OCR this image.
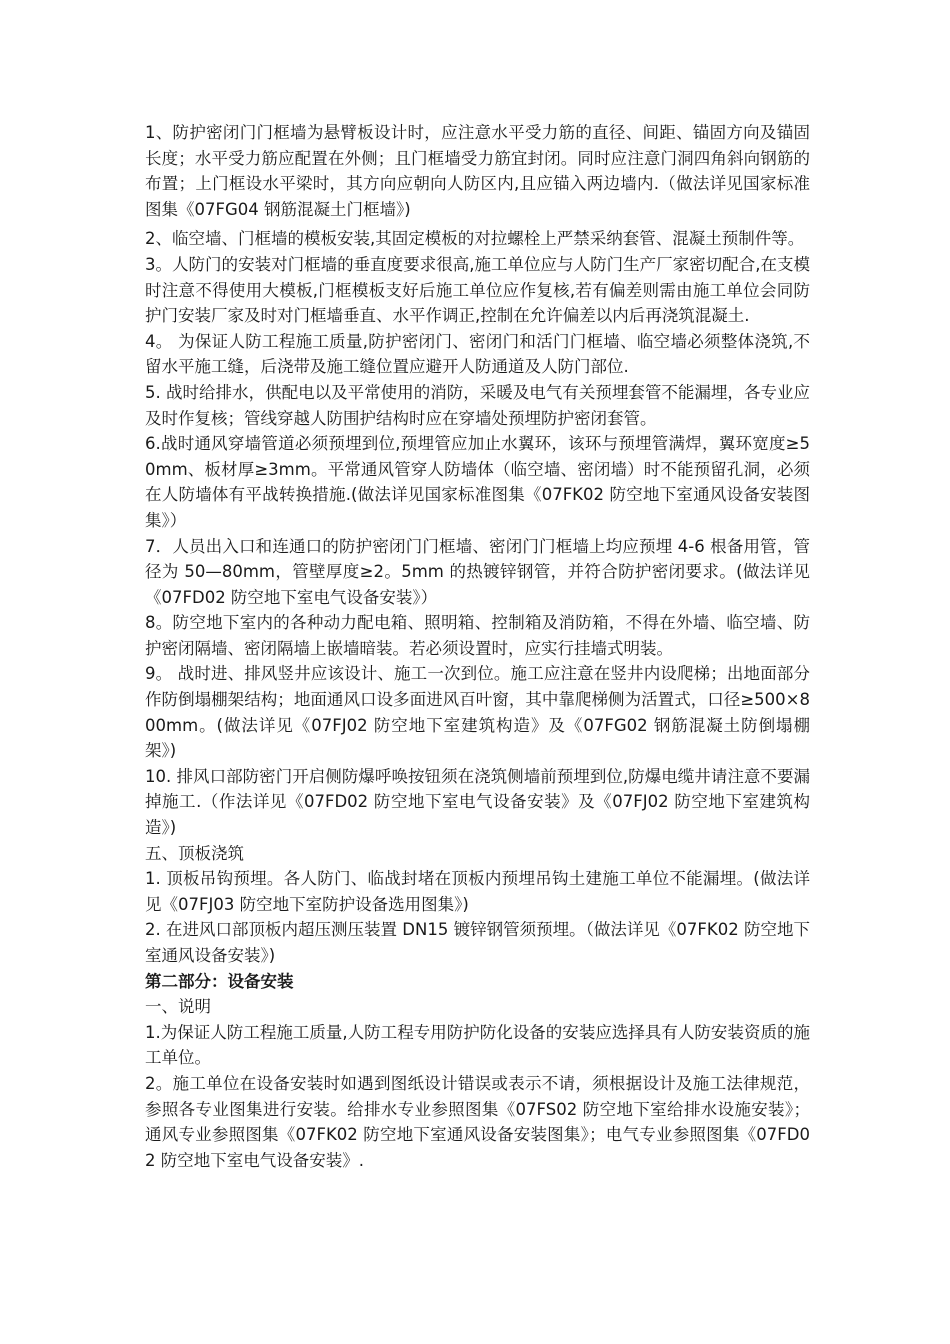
1、防护密闭门门框墙为悬臂板设计时，应注意水平受力筋的直径、间距、锚固方向及锚固长度；水平受力筋应配置在外侧；且门框墙受力筋宜封闭。同时应注意门洞四角斜向钢筋的布置；上门框设水平梁时，其方向应朝向人防区内,且应锚入两边墙内.（做法详见国家标准图集《07FG04 钢筋混凝土门框墙》)

2、临空墙、门框墙的模板安装,其固定模板的对拉螺栓上严禁采纳套管、混凝土预制件等。

3。人防门的安装对门框墙的垂直度要求很高,施工单位应与人防门生产厂家密切配合,在支模时注意不得使用大模板,门框模板支好后施工单位应作复核,若有偏差则需由施工单位会同防护门安装厂家及时对门框墙垂直、水平作调正,控制在允许偏差以内后再浇筑混凝土.

4。 为保证人防工程施工质量,防护密闭门、密闭门和活门门框墙、临空墙必须整体浇筑,不留水平施工缝，后浇带及施工缝位置应避开人防通道及人防门部位.

5. 战时给排水，供配电以及平常使用的消防，采暖及电气有关预埋套管不能漏埋，各专业应及时作复核；管线穿越人防围护结构时应在穿墙处预埋防护密闭套管。

6.战时通风穿墙管道必须预埋到位,预埋管应加止水翼环，该环与预埋管满焊，翼环宽度≥50mm、板材厚≥3mm。平常通风管穿人防墙体（临空墙、密闭墙）时不能预留孔洞，必须在人防墙体有平战转换措施.(做法详见国家标准图集《07FK02 防空地下室通风设备安装图集》）

7．人员出入口和连通口的防护密闭门门框墙、密闭门门框墙上均应预埋 4-6 根备用管，管径为 50—80mm，管壁厚度≥2。5mm 的热镀锌钢管，并符合防护密闭要求。(做法详见《07FD02 防空地下室电气设备安装》）

8。防空地下室内的各种动力配电箱、照明箱、控制箱及消防箱，不得在外墙、临空墙、防护密闭隔墙、密闭隔墙上嵌墙暗装。若必须设置时，应实行挂墙式明装。

9。 战时进、排风竖井应该设计、施工一次到位。施工应注意在竖井内设爬梯；出地面部分作防倒塌棚架结构；地面通风口设多面进风百叶窗，其中靠爬梯侧为活置式，口径≥500×800mm。(做法详见《07FJ02 防空地下室建筑构造》及《07FG02 钢筋混凝土防倒塌棚架》)

10. 排风口部防密门开启侧防爆呼唤按钮须在浇筑侧墙前预埋到位,防爆电缆井请注意不要漏掉施工.（作法详见《07FD02 防空地下室电气设备安装》及《07FJ02 防空地下室建筑构造》)

五、顶板浇筑

1. 顶板吊钩预埋。各人防门、临战封堵在顶板内预埋吊钩土建施工单位不能漏埋。(做法详见《07FJ03 防空地下室防护设备选用图集》)

2. 在进风口部顶板内超压测压装置 DN15 镀锌钢管须预埋。（做法详见《07FK02 防空地下室通风设备安装》)

第二部分：设备安装

一、说明

1.为保证人防工程施工质量,人防工程专用防护防化设备的安装应选择具有人防安装资质的施工单位。

2。施工单位在设备安装时如遇到图纸设计错误或表示不请，须根据设计及施工法律规范，参照各专业图集进行安装。给排水专业参照图集《07FS02 防空地下室给排水设施安装》；通风专业参照图集《07FK02 防空地下室通风设备安装图集》；电气专业参照图集《07FD02 防空地下室电气设备安装》.
